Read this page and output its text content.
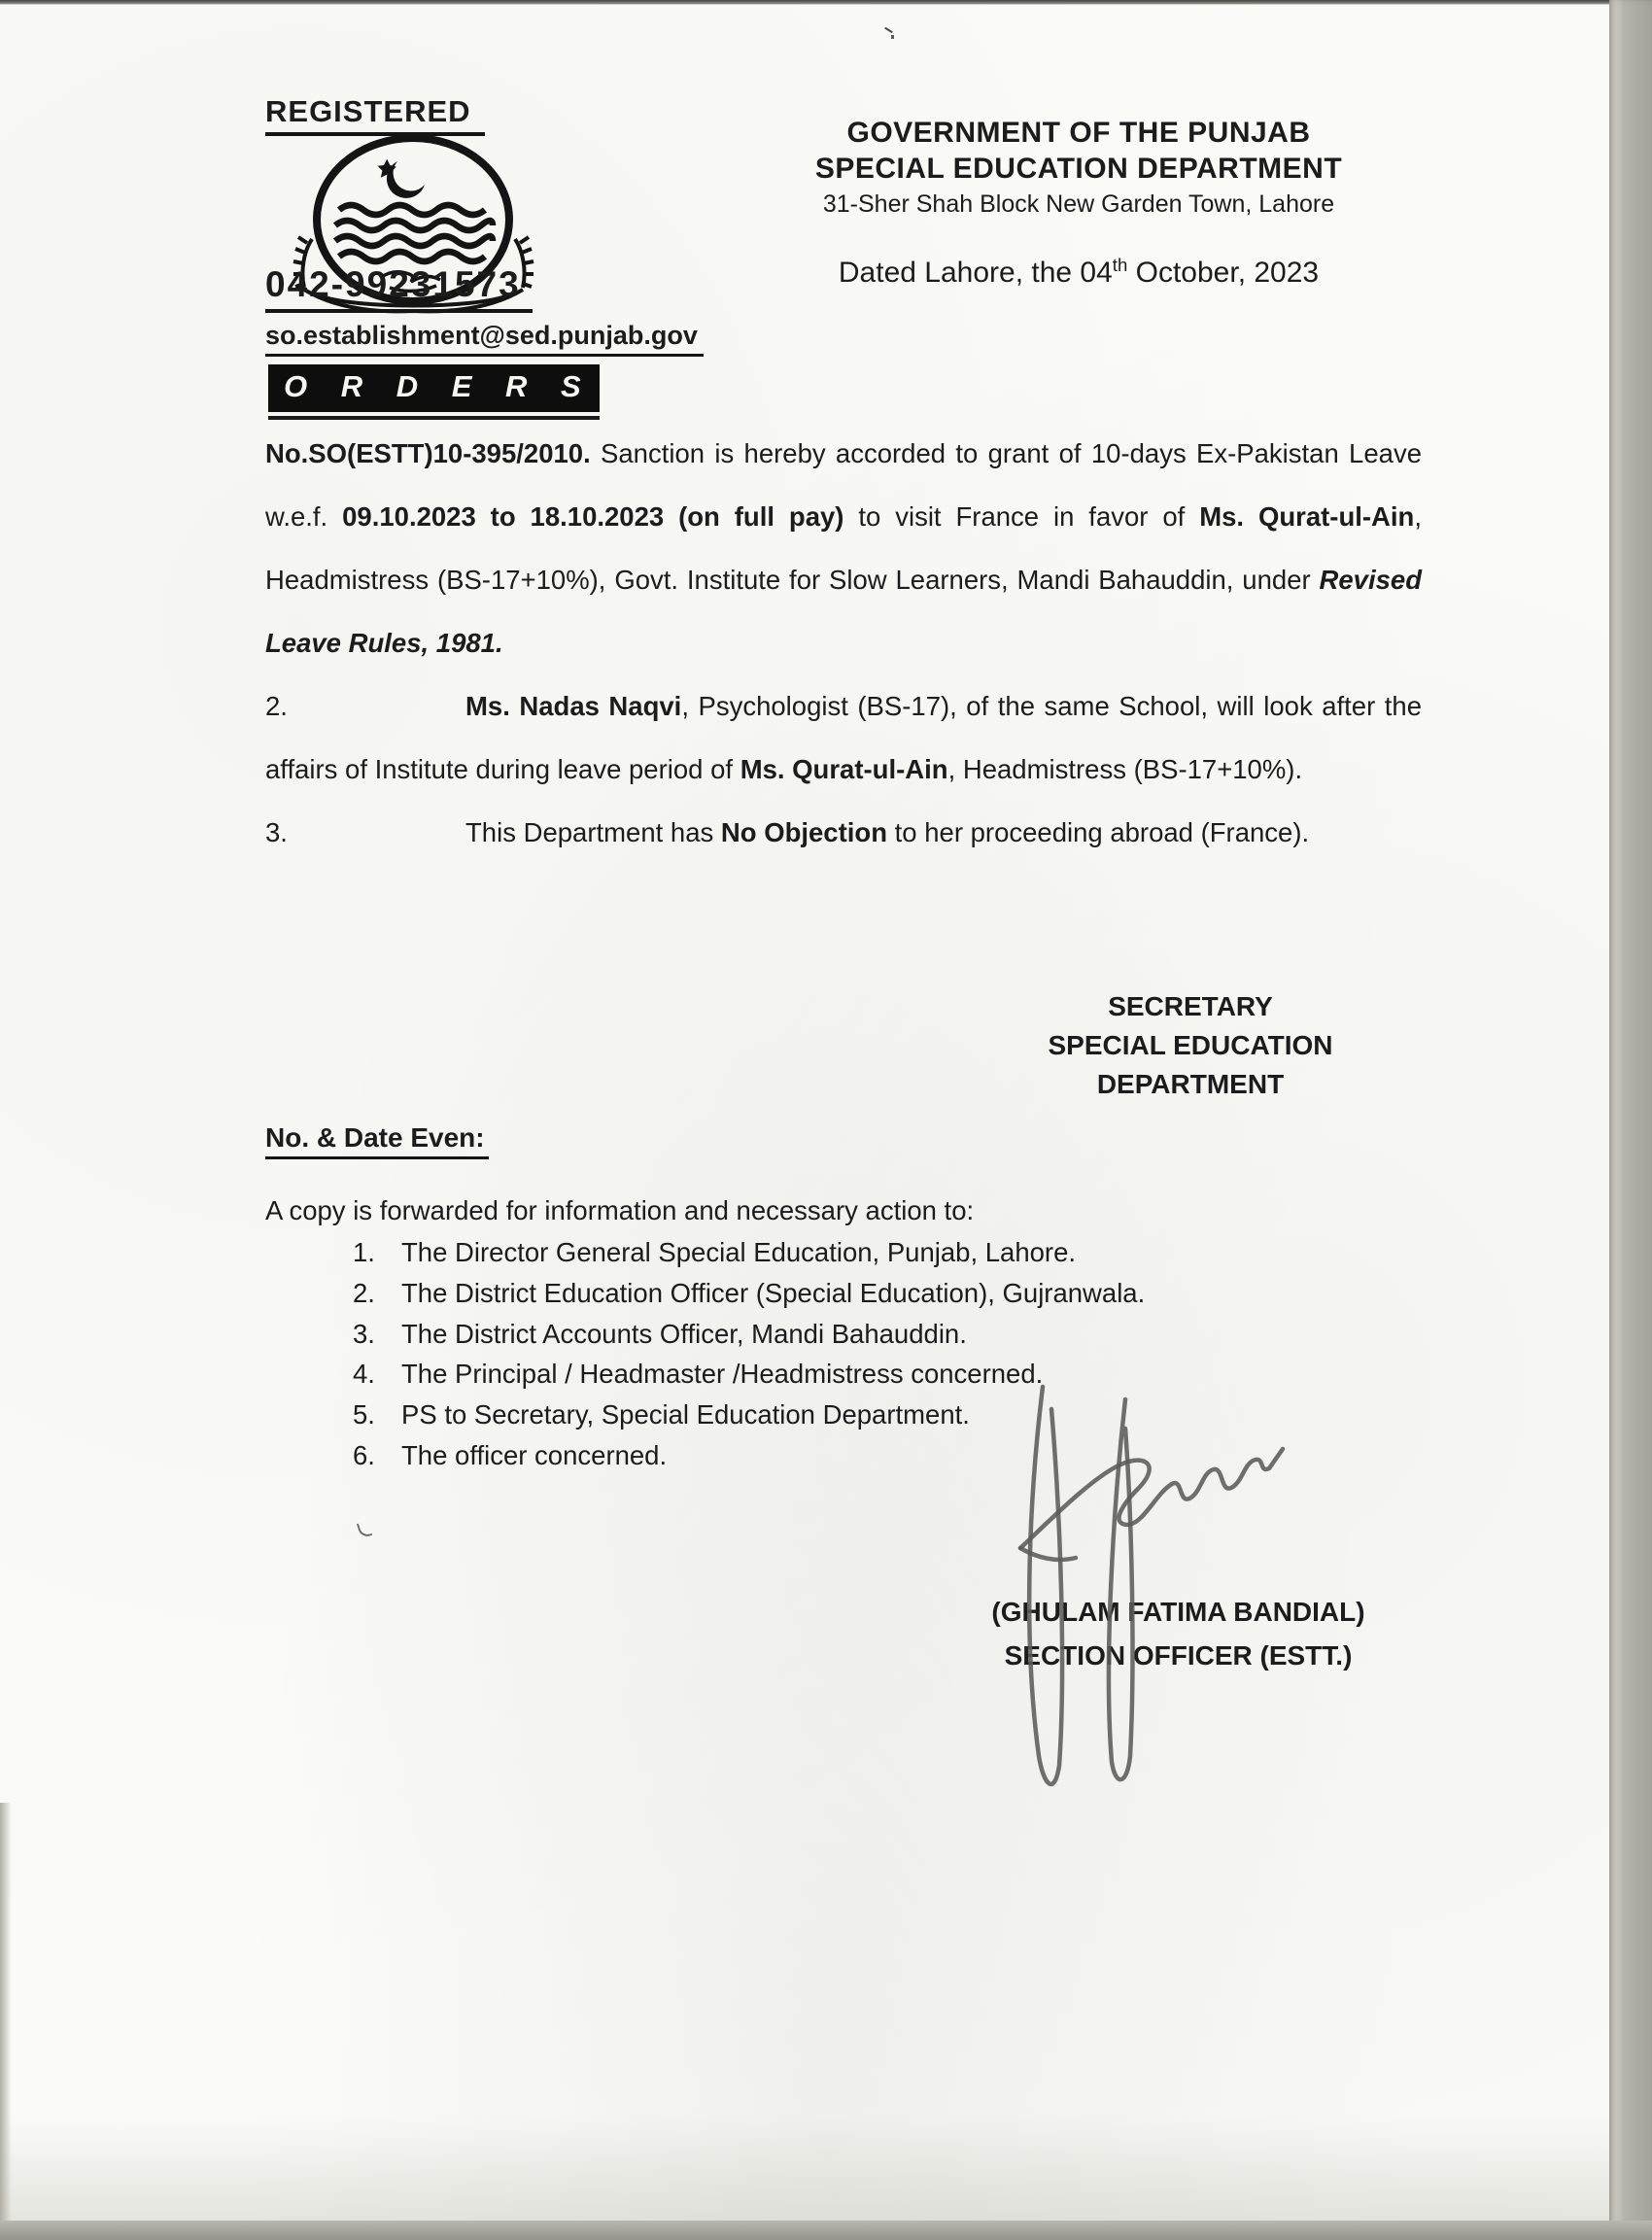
REGISTERED
042-99231573
so.establishment@sed.punjab.gov
GOVERNMENT OF THE PUNJAB
SPECIAL EDUCATION DEPARTMENT
31-Sher Shah Block New Garden Town, Lahore
Dated Lahore, the 04th October, 2023
O R D E R S

No.SO(ESTT)10-395/2010. Sanction is hereby accorded to grant of 10-days Ex-Pakistan Leave w.e.f. 09.10.2023 to 18.10.2023 (on full pay) to visit France in favor of Ms. Qurat-ul-Ain, Headmistress (BS-17+10%), Govt. Institute for Slow Learners, Mandi Bahauddin, under Revised Leave Rules, 1981.

2.	Ms. Nadas Naqvi, Psychologist (BS-17), of the same School, will look after the affairs of Institute during leave period of Ms. Qurat-ul-Ain, Headmistress (BS-17+10%).

3.	This Department has No Objection to her proceeding abroad (France).

SECRETARY
SPECIAL EDUCATION
DEPARTMENT
No. & Date Even:
A copy is forwarded for information and necessary action to:
1. The Director General Special Education, Punjab, Lahore.
2. The District Education Officer (Special Education), Gujranwala.
3. The District Accounts Officer, Mandi Bahauddin.
4. The Principal / Headmaster /Headmistress concerned.
5. PS to Secretary, Special Education Department.
6. The officer concerned.
(GHULAM FATIMA BANDIAL)
SECTION OFFICER (ESTT.)
